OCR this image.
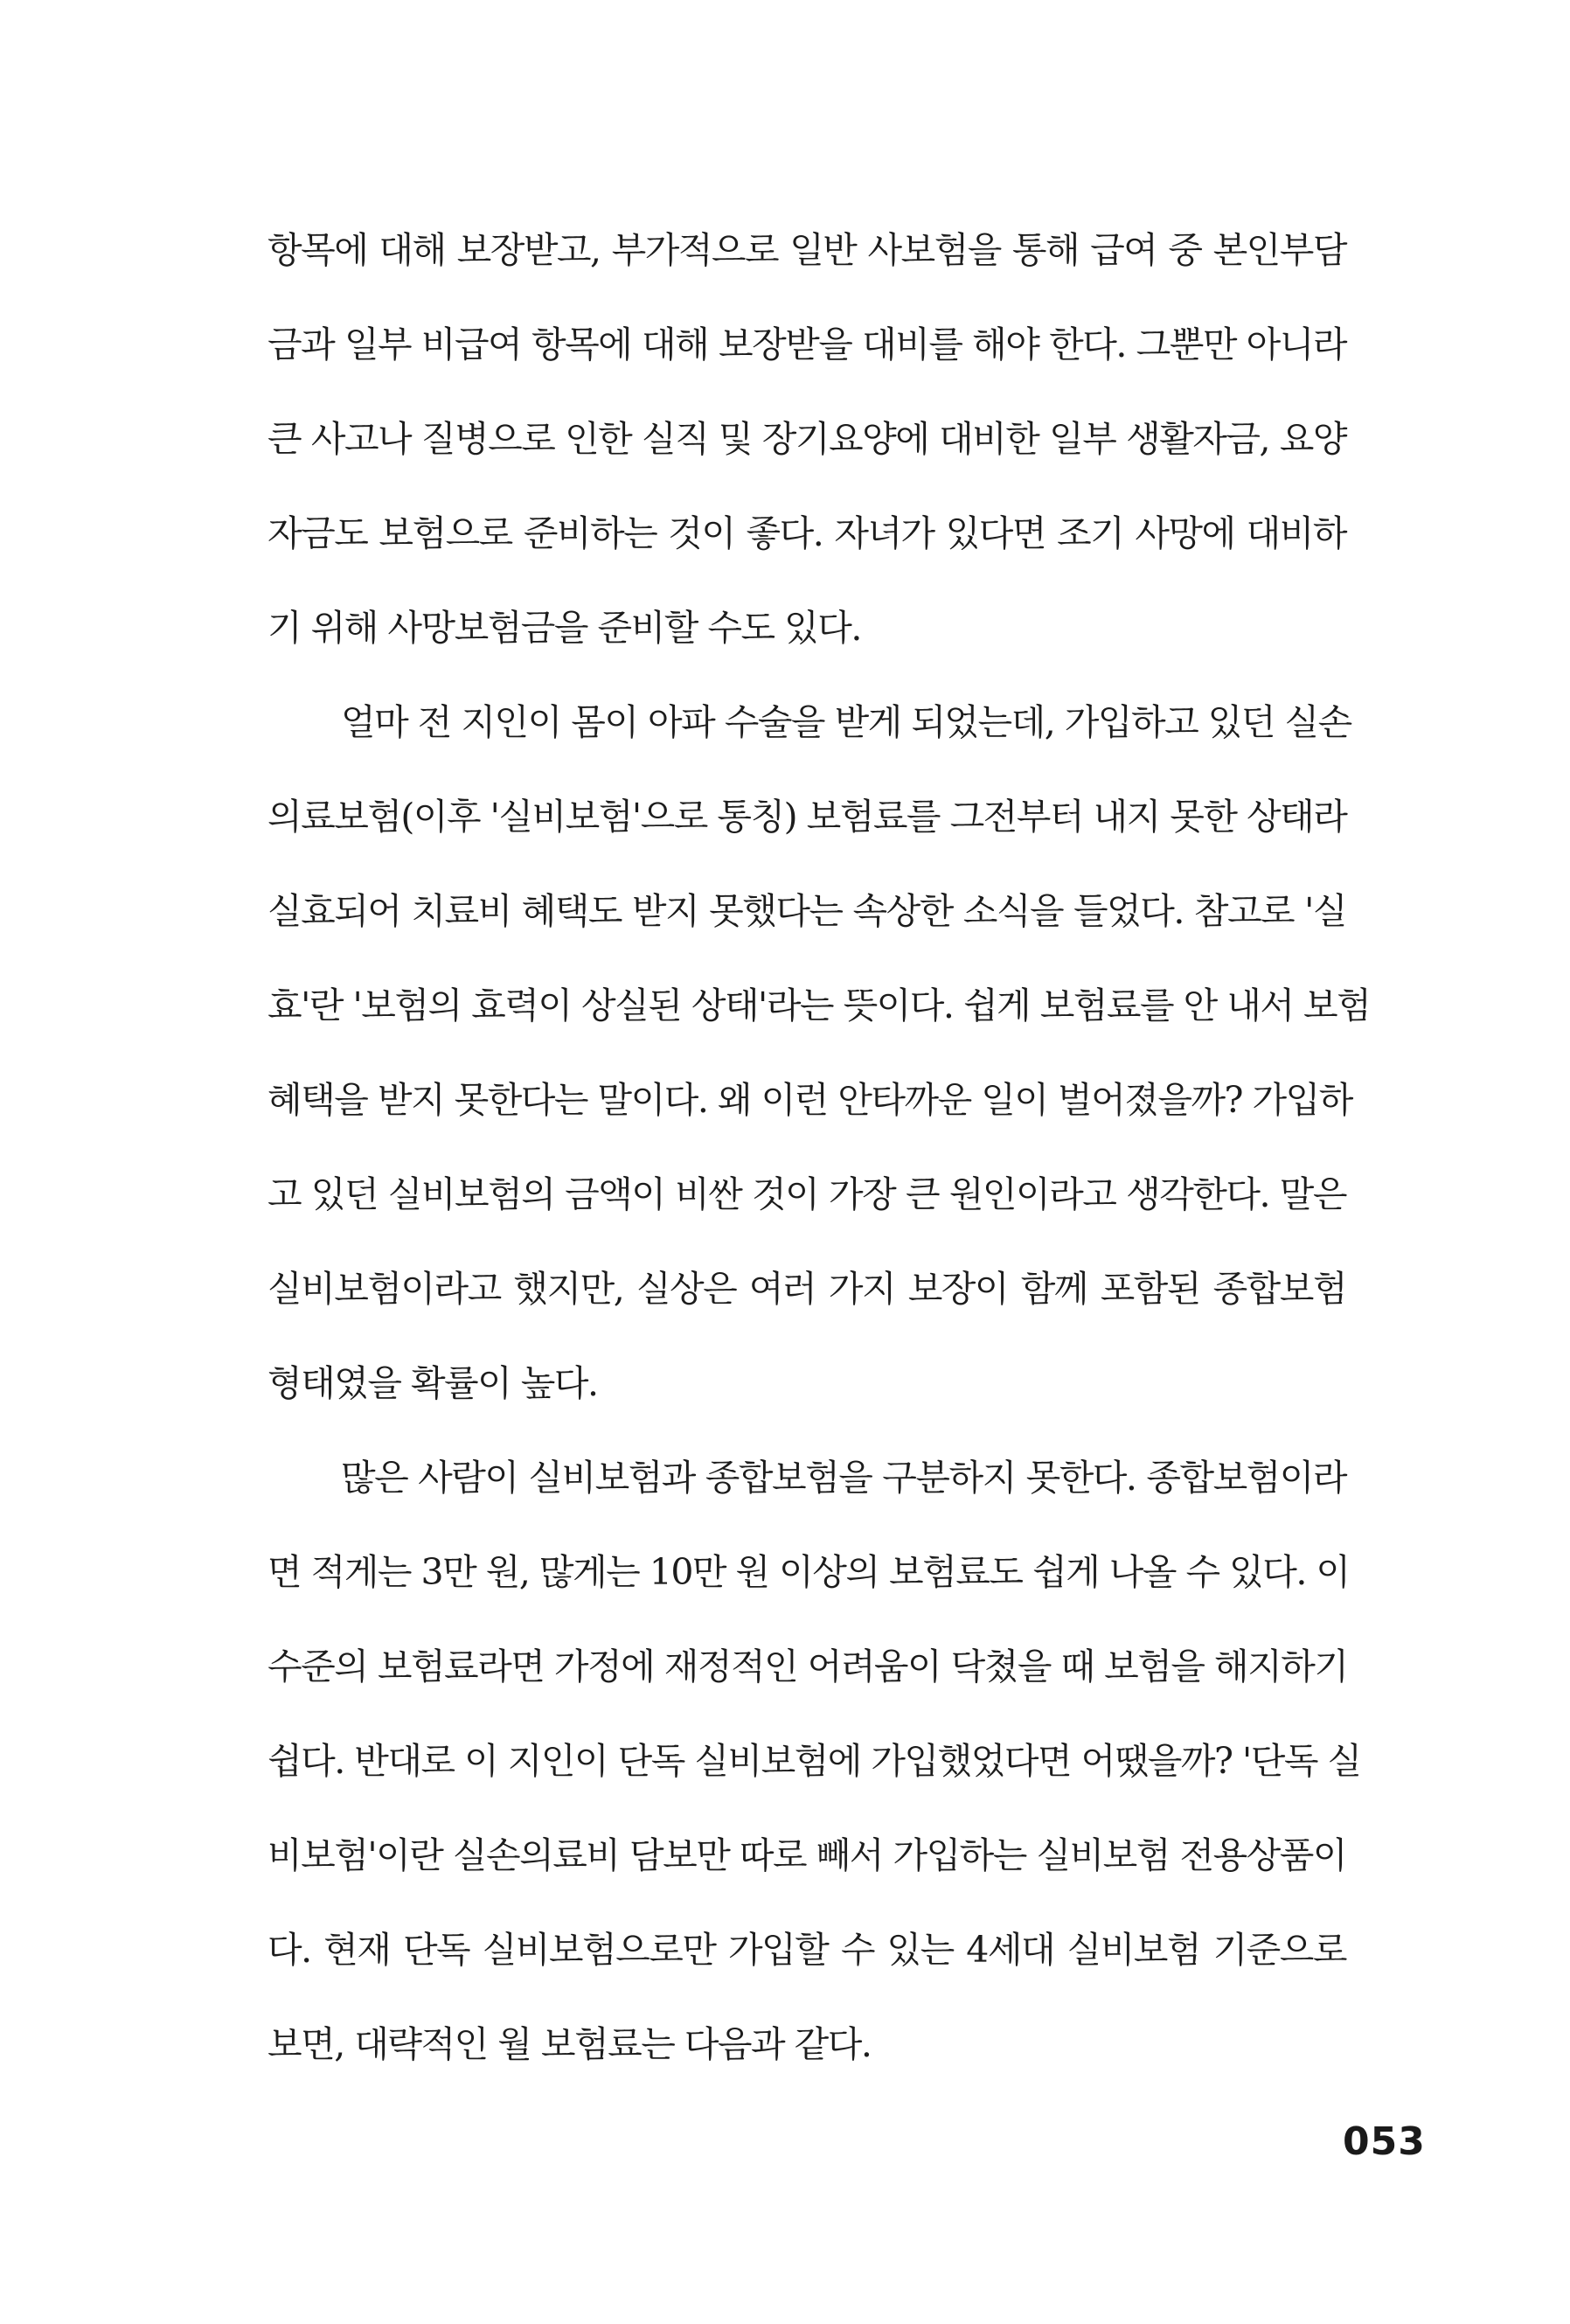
항목에 대해 보장받고, 부가적으로 일반 사보험을 통해 급여 중 본인부담
금과 일부 비급여 항목에 대해 보장받을 대비를 해야 한다. 그뿐만 아니라
큰 사고나 질병으로 인한 실직 및 장기요양에 대비한 일부 생활자금, 요양
자금도 보험으로 준비하는 것이 좋다. 자녀가 있다면 조기 사망에 대비하
기 위해 사망보험금을 준비할 수도 있다.
얼마 전 지인이 몸이 아파 수술을 받게 되었는데, 가입하고 있던 실손
의료보험(이후 '실비보험'으로 통칭) 보험료를 그전부터 내지 못한 상태라
실효되어 치료비 혜택도 받지 못했다는 속상한 소식을 들었다. 참고로 '실
효'란 '보험의 효력이 상실된 상태'라는 뜻이다. 쉽게 보험료를 안 내서 보험
혜택을 받지 못한다는 말이다. 왜 이런 안타까운 일이 벌어졌을까? 가입하
고 있던 실비보험의 금액이 비싼 것이 가장 큰 원인이라고 생각한다. 말은
실비보험이라고 했지만, 실상은 여러 가지 보장이 함께 포함된 종합보험
형태였을 확률이 높다.
많은 사람이 실비보험과 종합보험을 구분하지 못한다. 종합보험이라
면 적게는 3만 원, 많게는 10만 원 이상의 보험료도 쉽게 나올 수 있다. 이
수준의 보험료라면 가정에 재정적인 어려움이 닥쳤을 때 보험을 해지하기
쉽다. 반대로 이 지인이 단독 실비보험에 가입했었다면 어땠을까? '단독 실
비보험'이란 실손의료비 담보만 따로 빼서 가입하는 실비보험 전용상품이
다. 현재 단독 실비보험으로만 가입할 수 있는 4세대 실비보험 기준으로
보면, 대략적인 월 보험료는 다음과 같다.
053
